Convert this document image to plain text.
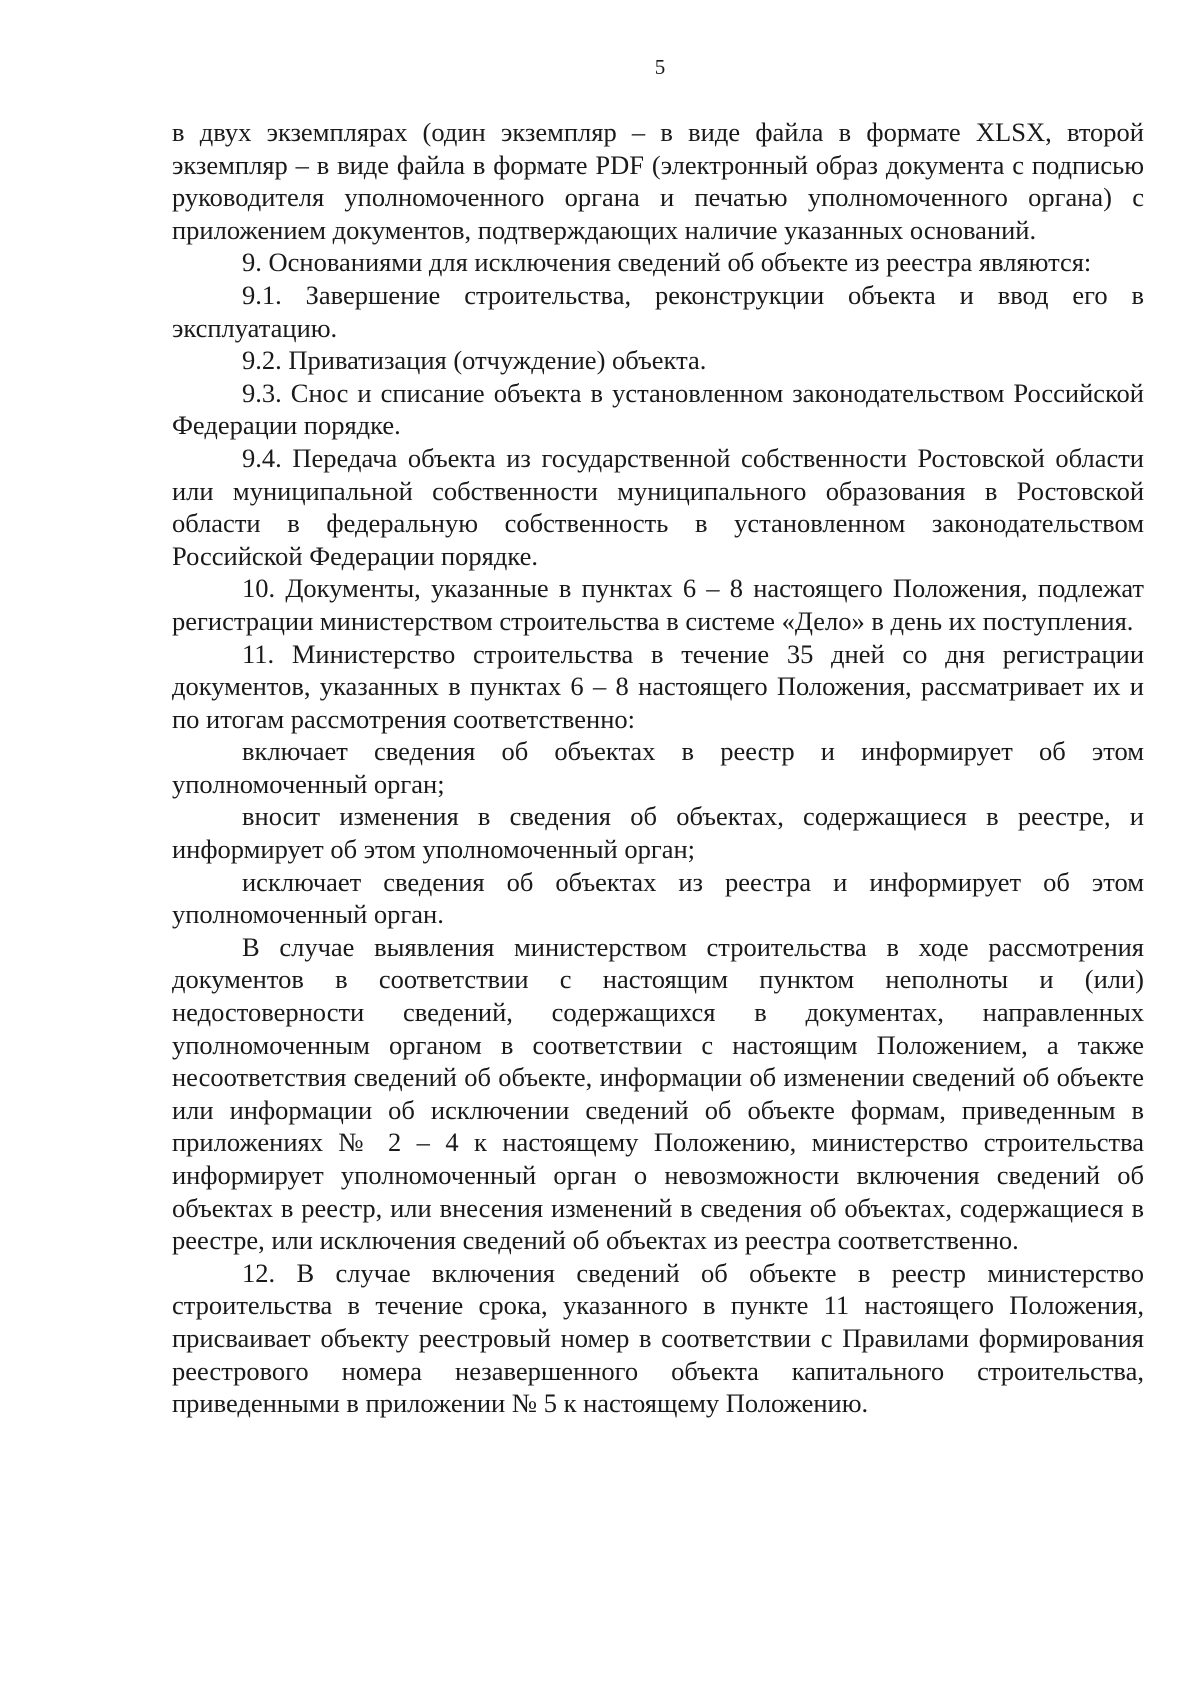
5

в двух экземплярах (один экземпляр – в виде файла в формате XLSX, второй экземпляр – в виде файла в формате PDF (электронный образ документа с подписью руководителя уполномоченного органа и печатью уполномоченного органа) с приложением документов, подтверждающих наличие указанных оснований.

9. Основаниями для исключения сведений об объекте из реестра являются:

9.1. Завершение строительства, реконструкции объекта и ввод его в эксплуатацию.

9.2. Приватизация (отчуждение) объекта.

9.3. Снос и списание объекта в установленном законодательством Российской Федерации порядке.

9.4. Передача объекта из государственной собственности Ростовской области или муниципальной собственности муниципального образования в Ростовской области в федеральную собственность в установленном законодательством Российской Федерации порядке.

10. Документы, указанные в пунктах 6 – 8 настоящего Положения, подлежат регистрации министерством строительства в системе «Дело» в день их поступления.

11. Министерство строительства в течение 35 дней со дня регистрации документов, указанных в пунктах 6 – 8 настоящего Положения, рассматривает их и по итогам рассмотрения соответственно:

включает сведения об объектах в реестр и информирует об этом уполномоченный орган;

вносит изменения в сведения об объектах, содержащиеся в реестре, и информирует об этом уполномоченный орган;

исключает сведения об объектах из реестра и информирует об этом уполномоченный орган.

В случае выявления министерством строительства в ходе рассмотрения документов в соответствии с настоящим пунктом неполноты и (или) недостоверности сведений, содержащихся в документах, направленных уполномоченным органом в соответствии с настоящим Положением, а также несоответствия сведений об объекте, информации об изменении сведений об объекте или информации об исключении сведений об объекте формам, приведенным в приложениях № 2 – 4 к настоящему Положению, министерство строительства информирует уполномоченный орган о невозможности включения сведений об объектах в реестр, или внесения изменений в сведения об объектах, содержащиеся в реестре, или исключения сведений об объектах из реестра соответственно.

12. В случае включения сведений об объекте в реестр министерство строительства в течение срока, указанного в пункте 11 настоящего Положения, присваивает объекту реестровый номер в соответствии с Правилами формирования реестрового номера незавершенного объекта капитального строительства, приведенными в приложении № 5 к настоящему Положению.
